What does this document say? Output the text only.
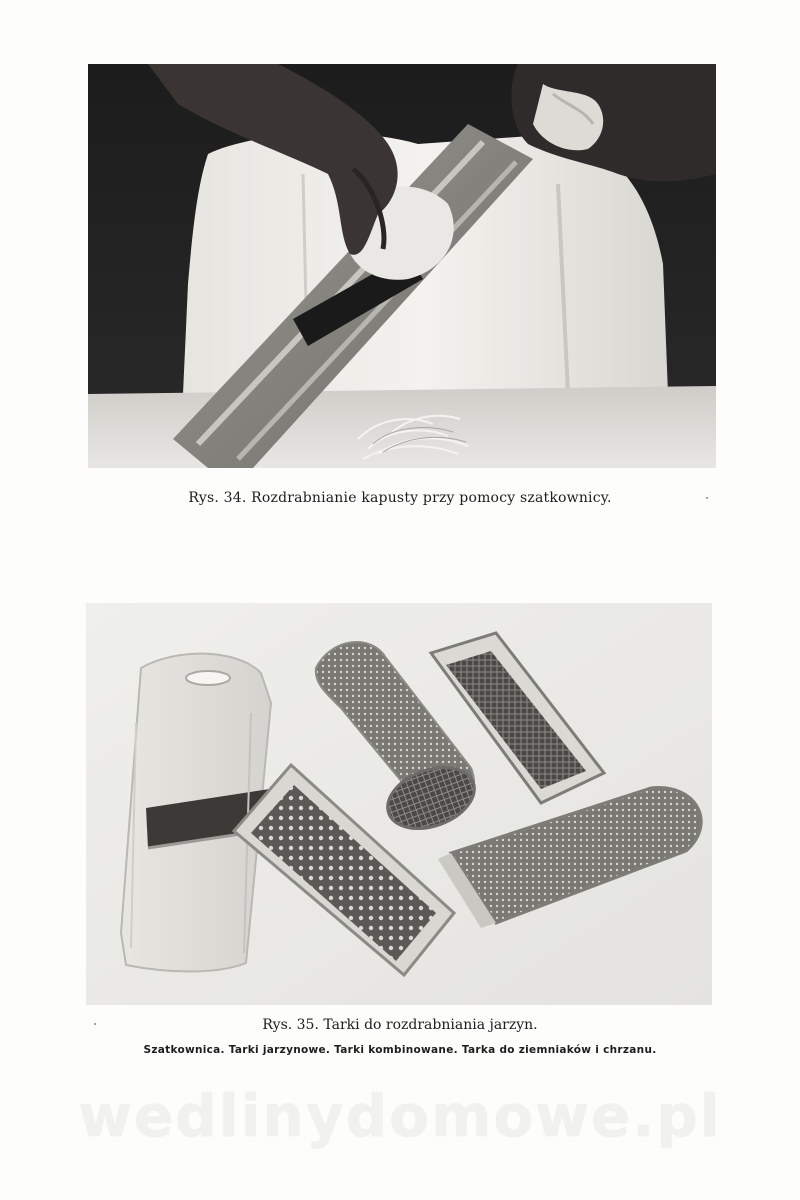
Rys. 34. Rozdrabnianie kapusty przy pomocy szatkownicy.
Rys. 35. Tarki do rozdrabniania jarzyn.
Szatkownica. Tarki jarzynowe. Tarki kombinowane. Tarka do ziemniaków i chrzanu.
wedlinydomowe.pl
